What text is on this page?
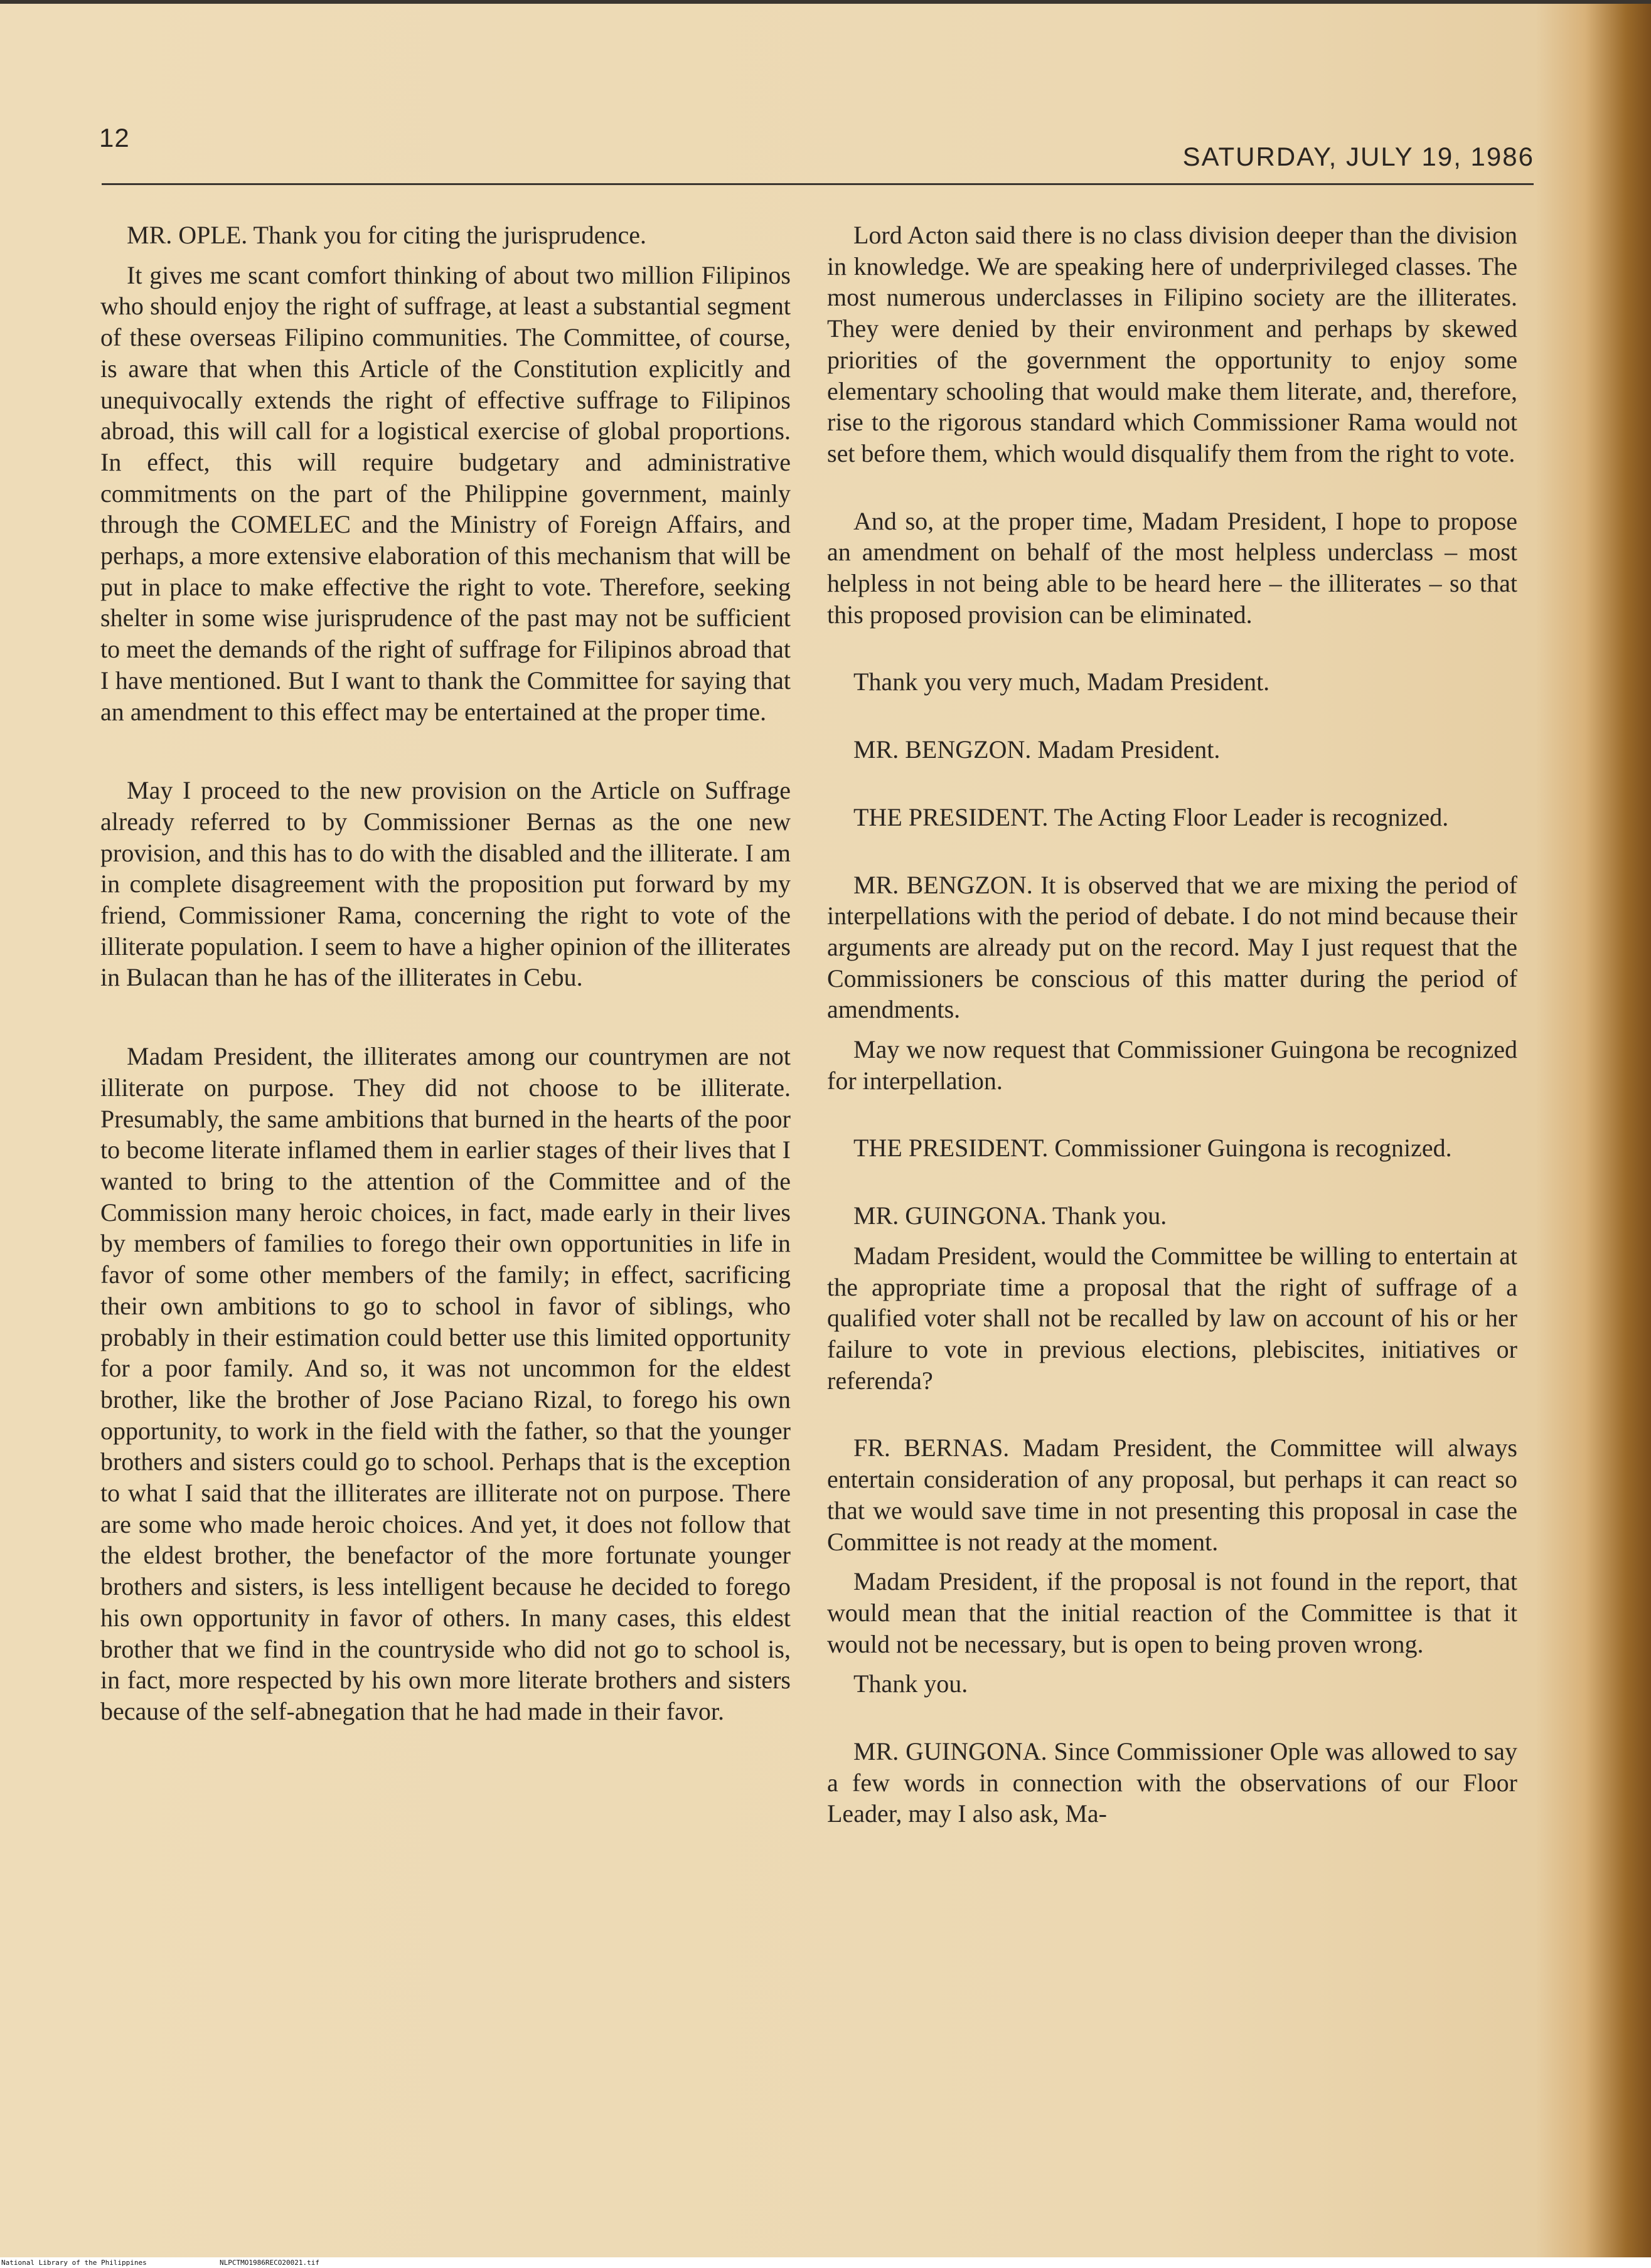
12
SATURDAY, JULY 19, 1986

MR. OPLE. Thank you for citing the jurisprudence.

It gives me scant comfort thinking of about two million Filipinos who should enjoy the right of suffrage, at least a substantial segment of these overseas Filipino communities. The Committee, of course, is aware that when this Article of the Constitution explicitly and unequivocally extends the right of effective suffrage to Filipinos abroad, this will call for a logistical exercise of global proportions. In effect, this will require budgetary and administrative commitments on the part of the Philippine government, mainly through the COMELEC and the Ministry of Foreign Affairs, and perhaps, a more extensive elaboration of this mechanism that will be put in place to make effective the right to vote. Therefore, seeking shelter in some wise jurisprudence of the past may not be sufficient to meet the demands of the right of suffrage for Filipinos abroad that I have mentioned. But I want to thank the Committee for saying that an amendment to this effect may be entertained at the proper time.

May I proceed to the new provision on the Article on Suffrage already referred to by Commissioner Bernas as the one new provision, and this has to do with the disabled and the illiterate. I am in complete disagreement with the proposition put forward by my friend, Commissioner Rama, concerning the right to vote of the illiterate population. I seem to have a higher opinion of the illiterates in Bulacan than he has of the illiterates in Cebu.

Madam President, the illiterates among our countrymen are not illiterate on purpose. They did not choose to be illiterate. Presumably, the same ambitions that burned in the hearts of the poor to become literate inflamed them in earlier stages of their lives that I wanted to bring to the attention of the Committee and of the Commission many heroic choices, in fact, made early in their lives by members of families to forego their own opportunities in life in favor of some other members of the family; in effect, sacrificing their own ambitions to go to school in favor of siblings, who probably in their estimation could better use this limited opportunity for a poor family. And so, it was not uncommon for the eldest brother, like the brother of Jose Paciano Rizal, to forego his own opportunity, to work in the field with the father, so that the younger brothers and sisters could go to school. Perhaps that is the exception to what I said that the illiterates are illiterate not on purpose. There are some who made heroic choices. And yet, it does not follow that the eldest brother, the benefactor of the more fortunate younger brothers and sisters, is less intelligent because he decided to forego his own opportunity in favor of others. In many cases, this eldest brother that we find in the countryside who did not go to school is, in fact, more respected by his own more literate brothers and sisters because of the self-abnegation that he had made in their favor.

Lord Acton said there is no class division deeper than the division in knowledge. We are speaking here of underprivileged classes. The most numerous underclasses in Filipino society are the illiterates. They were denied by their environment and perhaps by skewed priorities of the government the opportunity to enjoy some elementary schooling that would make them literate, and, therefore, rise to the rigorous standard which Commissioner Rama would not set before them, which would disqualify them from the right to vote.

And so, at the proper time, Madam President, I hope to propose an amendment on behalf of the most helpless underclass – most helpless in not being able to be heard here – the illiterates – so that this proposed provision can be eliminated.

Thank you very much, Madam President.

MR. BENGZON. Madam President.

THE PRESIDENT. The Acting Floor Leader is recognized.

MR. BENGZON. It is observed that we are mixing the period of interpellations with the period of debate. I do not mind because their arguments are already put on the record. May I just request that the Commissioners be conscious of this matter during the period of amendments.

May we now request that Commissioner Guingona be recognized for interpellation.

THE PRESIDENT. Commissioner Guingona is recognized.

MR. GUINGONA. Thank you.

Madam President, would the Committee be willing to entertain at the appropriate time a proposal that the right of suffrage of a qualified voter shall not be recalled by law on account of his or her failure to vote in previous elections, plebiscites, initiatives or referenda?

FR. BERNAS. Madam President, the Committee will always entertain consideration of any proposal, but perhaps it can react so that we would save time in not presenting this proposal in case the Committee is not ready at the moment.

Madam President, if the proposal is not found in the report, that would mean that the initial reaction of the Committee is that it would not be necessary, but is open to being proven wrong.

Thank you.

MR. GUINGONA. Since Commissioner Ople was allowed to say a few words in connection with the observations of our Floor Leader, may I also ask, Ma-

National Library of the Philippines	NLPCTMO1986RECO20021.tif
